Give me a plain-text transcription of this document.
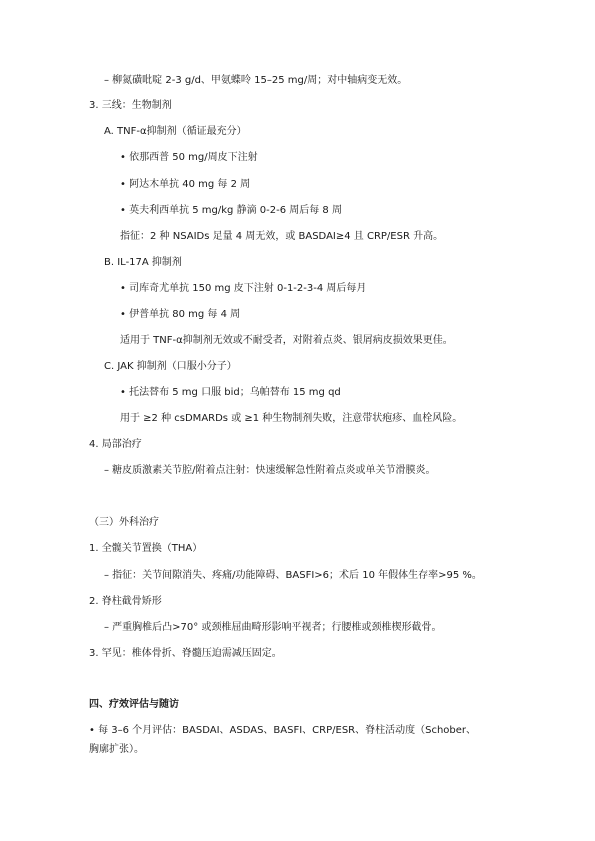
– 柳氮磺吡啶 2-3 g/d、甲氨蝶呤 15–25 mg/周；对中轴病变无效。
3. 三线：生物制剂
A. TNF-α抑制剂（循证最充分）
• 依那西普 50 mg/周皮下注射
• 阿达木单抗 40 mg 每 2 周
• 英夫利西单抗 5 mg/kg 静滴 0-2-6 周后每 8 周
指征：2 种 NSAIDs 足量 4 周无效，或 BASDAI≥4 且 CRP/ESR 升高。
B. IL-17A 抑制剂
• 司库奇尤单抗 150 mg 皮下注射 0-1-2-3-4 周后每月
• 伊普单抗 80 mg 每 4 周
适用于 TNF-α抑制剂无效或不耐受者，对附着点炎、银屑病皮损效果更佳。
C. JAK 抑制剂（口服小分子）
• 托法替布 5 mg 口服 bid；乌帕替布 15 mg qd
用于 ≥2 种 csDMARDs 或 ≥1 种生物制剂失败，注意带状疱疹、血栓风险。
4. 局部治疗
– 糖皮质激素关节腔/附着点注射：快速缓解急性附着点炎或单关节滑膜炎。
（三）外科治疗
1. 全髋关节置换（THA）
– 指征：关节间隙消失、疼痛/功能障碍、BASFI>6；术后 10 年假体生存率>95 %。
2. 脊柱截骨矫形
– 严重胸椎后凸>70° 或颈椎屈曲畸形影响平视者；行腰椎或颈椎楔形截骨。
3. 罕见：椎体骨折、脊髓压迫需减压固定。
四、疗效评估与随访
• 每 3–6 个月评估：BASDAI、ASDAS、BASFI、CRP/ESR、脊柱活动度（Schober、
胸廓扩张）。
